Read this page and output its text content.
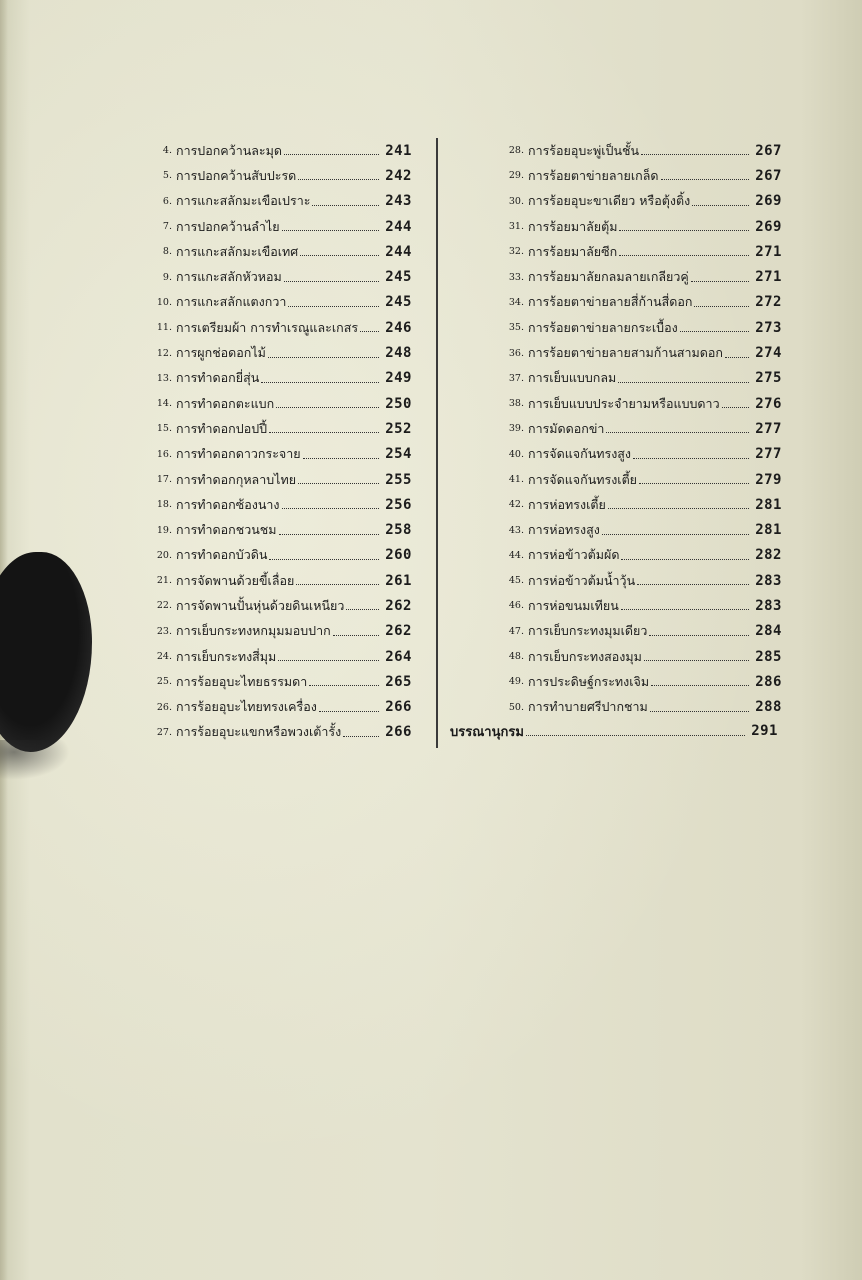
4. การปอกคว้านละมุด	241
5. การปอกคว้านสับปะรด	242
6. การแกะสลักมะเขือเปราะ	243
7. การปอกคว้านลำไย	244
8. การแกะสลักมะเขือเทศ	244
9. การแกะสลักหัวหอม	245
10. การแกะสลักแตงกวา	245
11. การเตรียมผ้า การทำเรณูและเกสร 246
12. การผูกช่อดอกไม้	248
13. การทำดอกยี่สุ่น	249
14. การทำดอกตะแบก	250
15. การทำดอกปอปปี้	252
16. การทำดอกดาวกระจาย	254
17. การทำดอกกุหลาบไทย	255
18. การทำดอกซ้องนาง	256
19. การทำดอกชวนชม	258
20. การทำดอกบัวดิน	260
21. การจัดพานด้วยขี้เลื่อย	261
22. การจัดพานปั้นหุ่นด้วยดินเหนียว	262
23. การเย็บกระทงหกมุมมอบปาก	262
24. การเย็บกระทงสี่มุม	264
25. การร้อยอุบะไทยธรรมดา	265
26. การร้อยอุบะไทยทรงเครื่อง	266
27. การร้อยอุบะแขกหรือพวงเต้ารั้ง	266
28. การร้อยอุบะพู่เป็นชั้น	267
29. การร้อยตาข่ายลายเกล็ด	267
30. การร้อยอุบะขาเดียว หรือตุ้งติ้ง	269
31. การร้อยมาลัยตุ้ม	269
32. การร้อยมาลัยซีก	271
33. การร้อยมาลัยกลมลายเกลียวคู่	271
34. การร้อยตาข่ายลายสี่ก้านสี่ดอก	272
35. การร้อยตาข่ายลายกระเบื้อง	273
36. การร้อยตาข่ายลายสามก้านสามดอก 274
37. การเย็บแบบกลม	275
38. การเย็บแบบประจำยามหรือแบบดาว	276
39. การมัดดอกข่า	277
40. การจัดแจกันทรงสูง	277
41. การจัดแจกันทรงเตี้ย	279
42. การห่อทรงเตี้ย	281
43. การห่อทรงสูง	281
44. การห่อข้าวต้มผัด	282
45. การห่อข้าวต้มน้ำวุ้น	283
46. การห่อขนมเทียน	283
47. การเย็บกระทงมุมเดียว	284
48. การเย็บกระทงสองมุม	285
49. การประดิษฐ์กระทงเจิม	286
50. การทำบายศรีปากชาม	288
บรรณานุกรม	291
